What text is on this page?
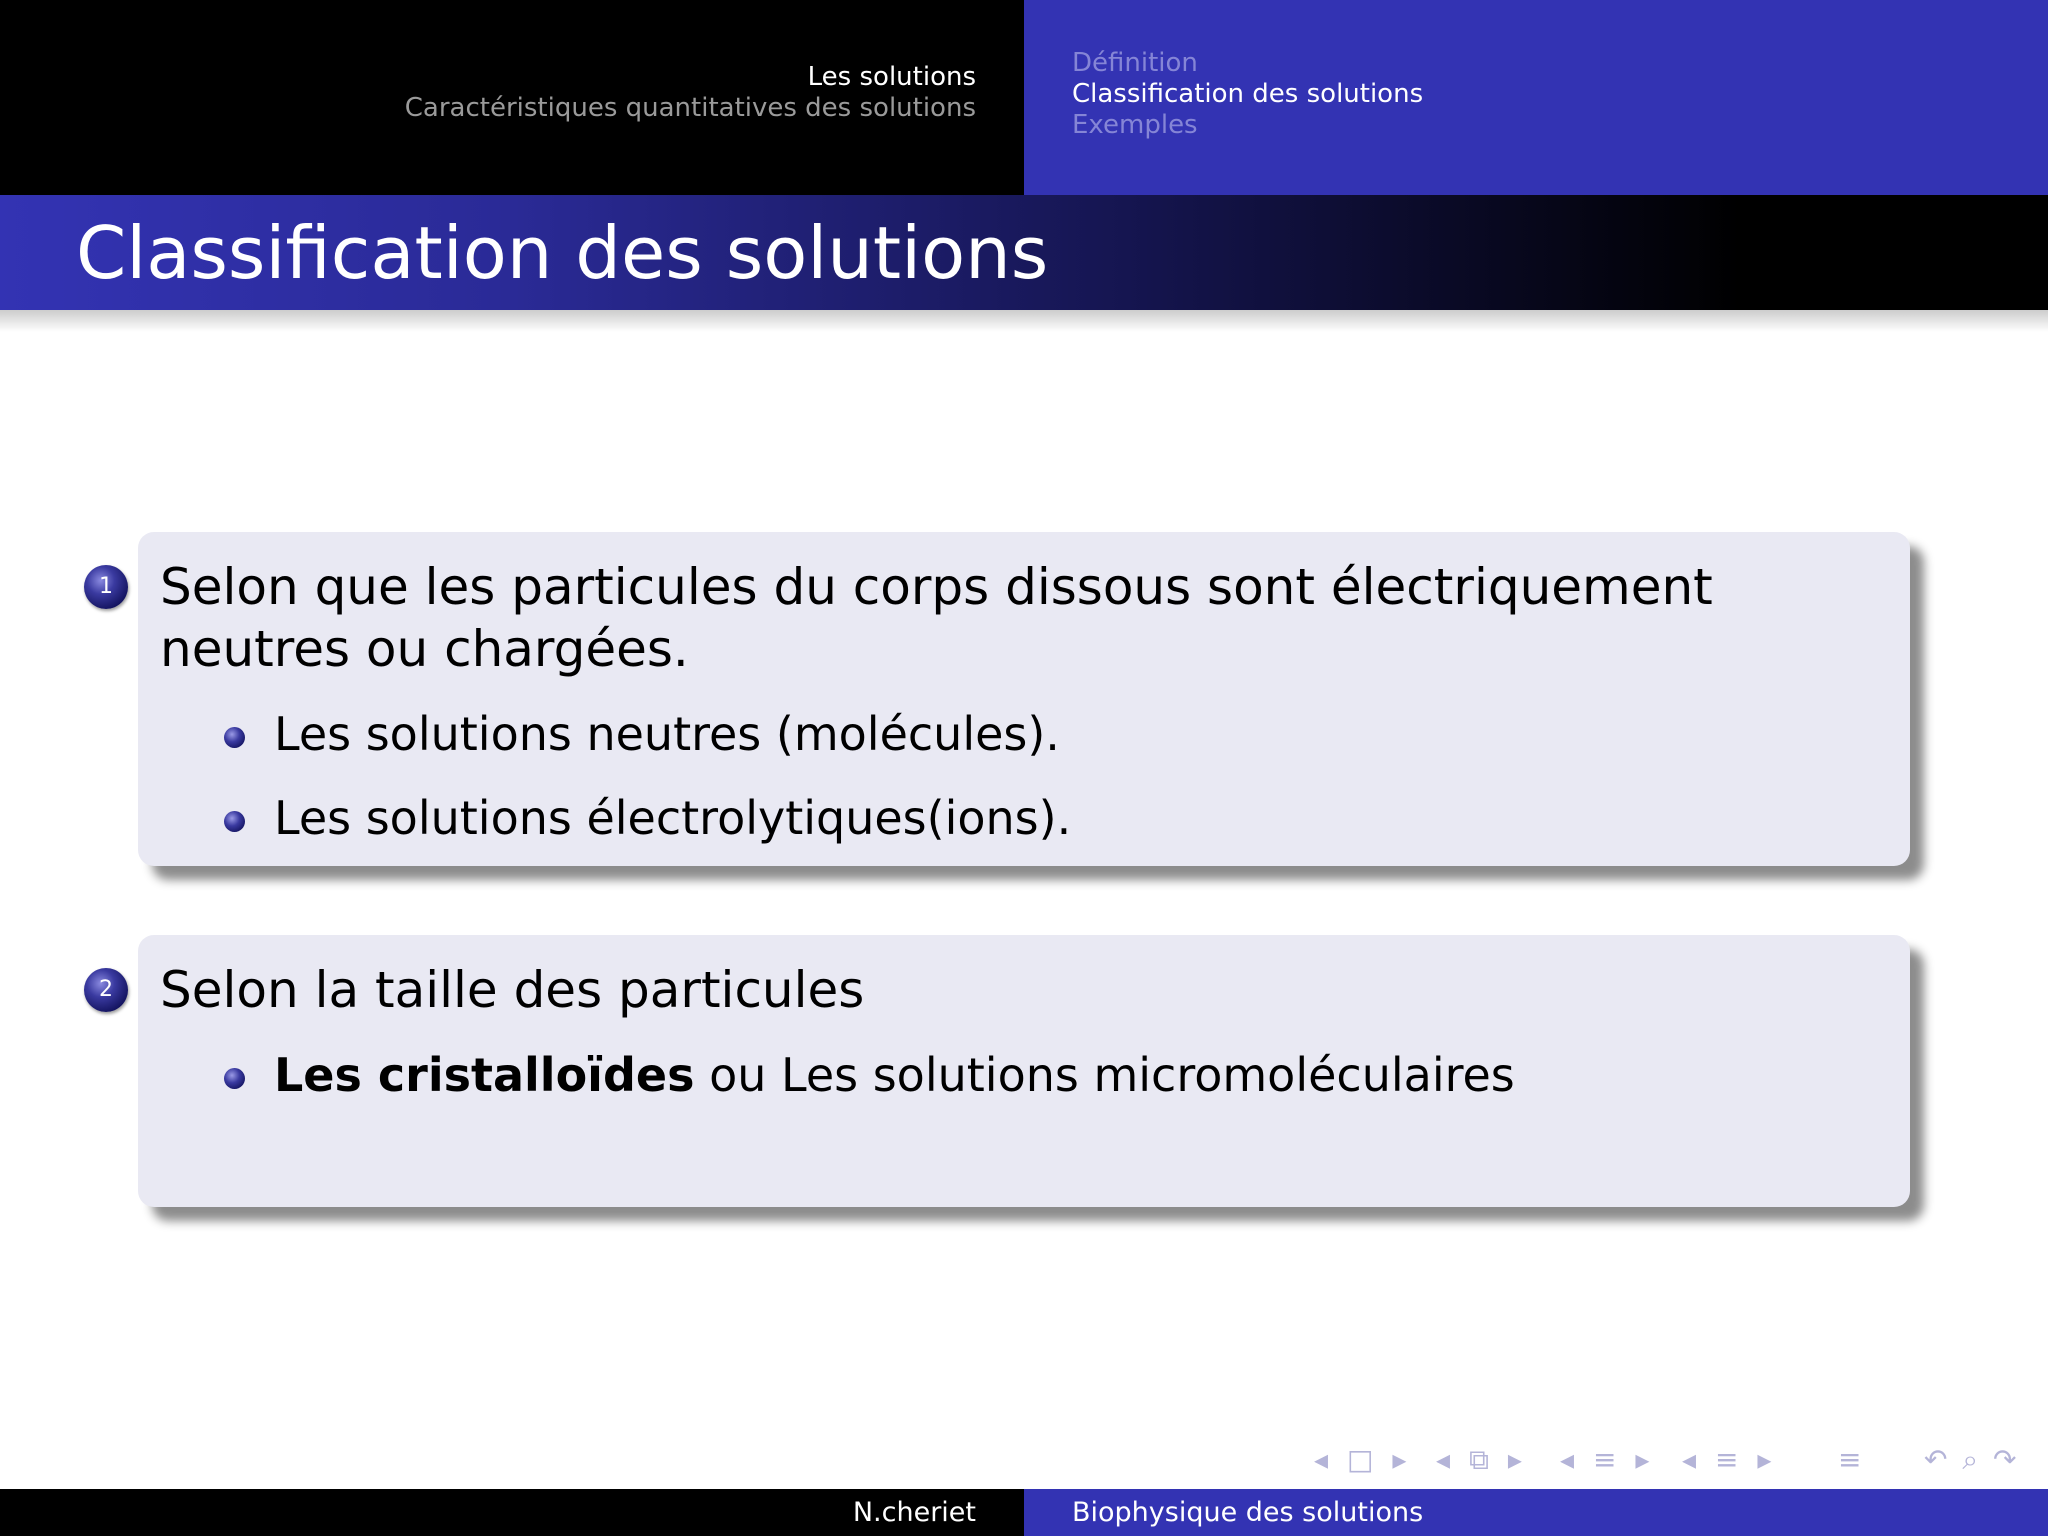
Les solutions
Caractéristiques quantitatives des solutions
Définition
Classification des solutions
Exemples
Classification des solutions
1 Selon que les particules du corps dissous sont électriquement neutres ou chargées.
Les solutions neutres (molécules).
Les solutions électrolytiques(ions).
2 Selon la taille des particules
Les cristalloïdes ou Les solutions micromoléculaires
◂ □ ▸ ◂ ⧉ ▸ ◂ ≡ ▸ ◂ ≡ ▸ ≡ ↶ ⌕ ↷
N.cheriet	Biophysique des solutions
